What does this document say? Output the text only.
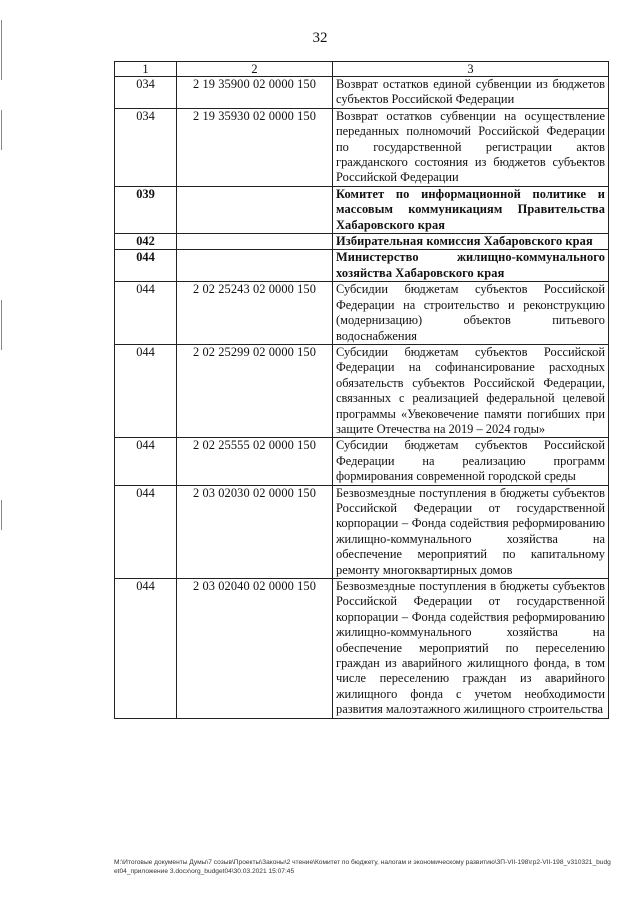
32
1	2	3
034	2 19 35900 02 0000 150	Возврат остатков единой субвенции из бюджетов субъектов Российской Федерации
034	2 19 35930 02 0000 150	Возврат остатков субвенции на осуществление переданных полномочий Российской Федерации по государственной регистрации актов гражданского состояния из бюджетов субъектов Российской Федерации
039		Комитет по информационной политике и массовым коммуникациям Правительства Хабаровского края
042		Избирательная комиссия Хабаровского края
044		Министерство жилищно-коммунального хозяйства Хабаровского края
044	2 02 25243 02 0000 150	Субсидии бюджетам субъектов Российской Федерации на строительство и реконструкцию (модернизацию) объектов питьевого водоснабжения
044	2 02 25299 02 0000 150	Субсидии бюджетам субъектов Российской Федерации на софинансирование расходных обязательств субъектов Российской Федерации, связанных с реализацией федеральной целевой программы «Увековечение памяти погибших при защите Отечества на 2019 – 2024 годы»
044	2 02 25555 02 0000 150	Субсидии бюджетам субъектов Российской Федерации на реализацию программ формирования современной городской среды
044	2 03 02030 02 0000 150	Безвозмездные поступления в бюджеты субъектов Российской Федерации от государственной корпорации – Фонда содействия реформированию жилищно-коммунального хозяйства на обеспечение мероприятий по капитальному ремонту многоквартирных домов
044	2 03 02040 02 0000 150	Безвозмездные поступления в бюджеты субъектов Российской Федерации от государственной корпорации – Фонда содействия реформированию жилищно-коммунального хозяйства на обеспечение мероприятий по переселению граждан из аварийного жилищного фонда, в том числе переселению граждан из аварийного жилищного фонда с учетом необходимости развития малоэтажного жилищного строительства
M:\Итоговые документы Думы\7 созыв\Проекты\Законы\2 чтение\Комитет по бюджету, налогам и экономическому развитию\3П-VII-198\гр2-VII-198_v310321_budget04_приложение 3.docx\org_budget04\30.03.2021 15:07:45
